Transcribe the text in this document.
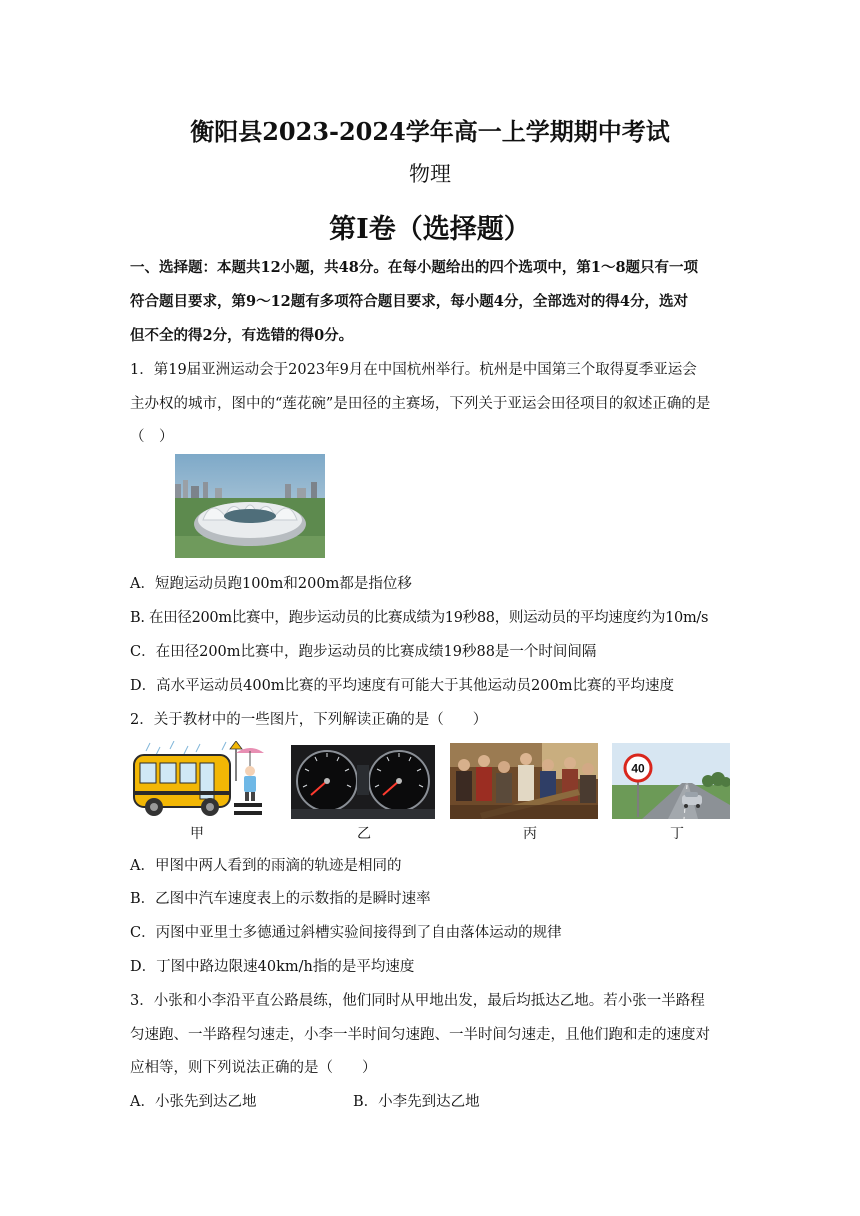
衡阳县2023-2024学年高一上学期期中考试
物理
第Ⅰ卷（选择题）
一、选择题：本题共12小题，共48分。在每小题给出的四个选项中，第1～8题只有一项
符合题目要求，第9～12题有多项符合题目要求，每小题4分，全部选对的得4分，选对
但不全的得2分，有选错的得0分。
1．第19届亚洲运动会于2023年9月在中国杭州举行。杭州是中国第三个取得夏季亚运会
主办权的城市，图中的“莲花碗”是田径的主赛场，下列关于亚运会田径项目的叙述正确的是
（　）
A．短跑运动员跑100m和200m都是指位移
B. 在田径200m比赛中，跑步运动员的比赛成绩为19秒88，则运动员的平均速度约为10m/s
C．在田径200m比赛中，跑步运动员的比赛成绩19秒88是一个时间间隔
D．高水平运动员400m比赛的平均速度有可能大于其他运动员200m比赛的平均速度
2．关于教材中的一些图片，下列解读正确的是（　　）
40
甲	乙	丙	丁
A．甲图中两人看到的雨滴的轨迹是相同的
B．乙图中汽车速度表上的示数指的是瞬时速率
C．丙图中亚里士多德通过斜槽实验间接得到了自由落体运动的规律
D．丁图中路边限速40km/h指的是平均速度
3．小张和小李沿平直公路晨练，他们同时从甲地出发，最后均抵达乙地。若小张一半路程
匀速跑、一半路程匀速走，小李一半时间匀速跑、一半时间匀速走，且他们跑和走的速度对
应相等，则下列说法正确的是（　　）
A．小张先到达乙地	B．小李先到达乙地
